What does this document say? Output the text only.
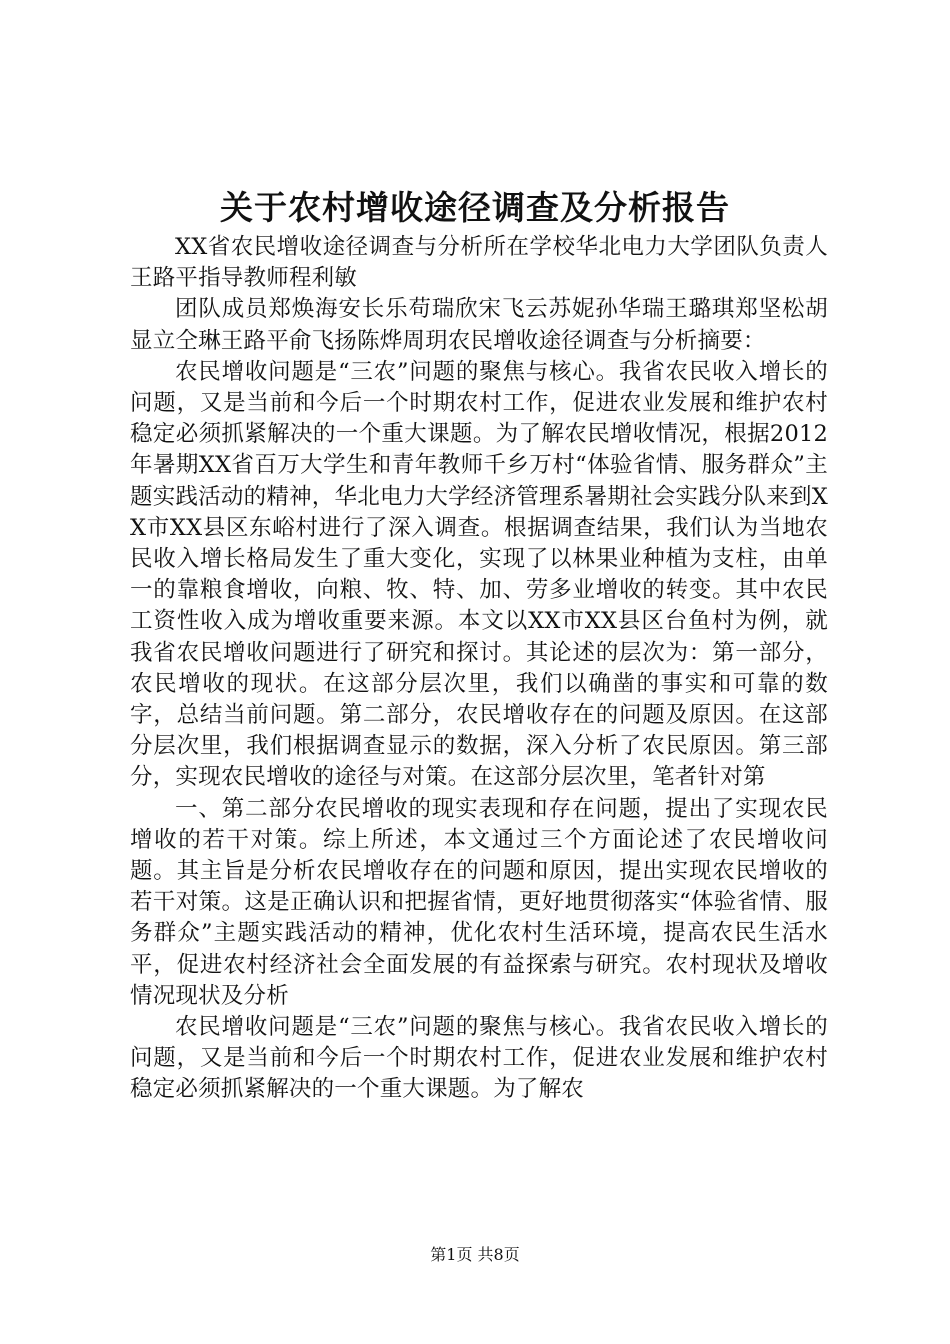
关于农村增收途径调查及分析报告

XX省农民增收途径调查与分析所在学校华北电力大学团队负责人王路平指导教师程利敏

团队成员郑焕海安长乐苟瑞欣宋飞云苏妮孙华瑞王璐琪郑坚松胡显立仝琳王路平俞飞扬陈烨周玥农民增收途径调查与分析摘要：

农民增收问题是“三农”问题的聚焦与核心。我省农民收入增长的问题，又是当前和今后一个时期农村工作，促进农业发展和维护农村稳定必须抓紧解决的一个重大课题。为了解农民增收情况，根据2012年暑期XX省百万大学生和青年教师千乡万村“体验省情、服务群众”主题实践活动的精神，华北电力大学经济管理系暑期社会实践分队来到XX市XX县区东峪村进行了深入调查。根据调查结果，我们认为当地农民收入增长格局发生了重大变化，实现了以林果业种植为支柱，由单一的靠粮食增收，向粮、牧、特、加、劳多业增收的转变。其中农民工资性收入成为增收重要来源。本文以XX市XX县区台鱼村为例，就我省农民增收问题进行了研究和探讨。其论述的层次为：第一部分，农民增收的现状。在这部分层次里，我们以确凿的事实和可靠的数字，总结当前问题。第二部分，农民增收存在的问题及原因。在这部分层次里，我们根据调查显示的数据，深入分析了农民原因。第三部分，实现农民增收的途径与对策。在这部分层次里，笔者针对第

一、第二部分农民增收的现实表现和存在问题，提出了实现农民增收的若干对策。综上所述，本文通过三个方面论述了农民增收问题。其主旨是分析农民增收存在的问题和原因，提出实现农民增收的若干对策。这是正确认识和把握省情，更好地贯彻落实“体验省情、服务群众”主题实践活动的精神，优化农村生活环境，提高农民生活水平，促进农村经济社会全面发展的有益探索与研究。农村现状及增收情况现状及分析

农民增收问题是“三农”问题的聚焦与核心。我省农民收入增长的问题，又是当前和今后一个时期农村工作，促进农业发展和维护农村稳定必须抓紧解决的一个重大课题。为了解农

第1页 共8页
